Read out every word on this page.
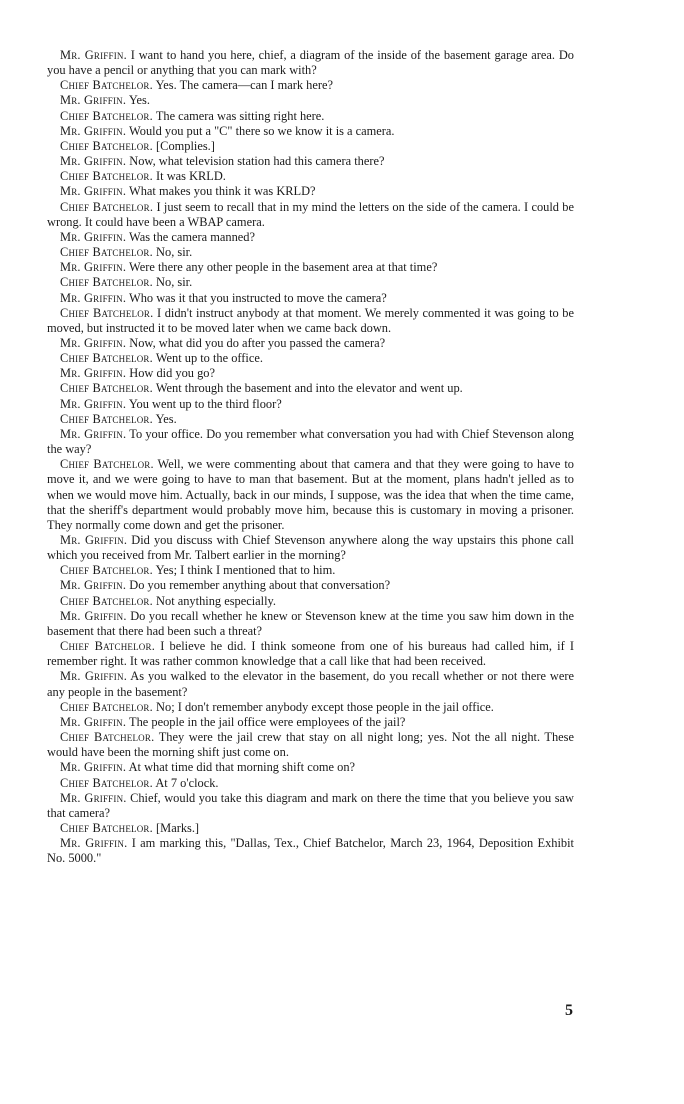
Mr. Griffin. I want to hand you here, chief, a diagram of the inside of the basement garage area. Do you have a pencil or anything that you can mark with?

Chief Batchelor. Yes. The camera—can I mark here?

Mr. Griffin. Yes.

Chief Batchelor. The camera was sitting right here.

Mr. Griffin. Would you put a "C" there so we know it is a camera.

Chief Batchelor. [Complies.]

Mr. Griffin. Now, what television station had this camera there?

Chief Batchelor. It was KRLD.

Mr. Griffin. What makes you think it was KRLD?

Chief Batchelor. I just seem to recall that in my mind the letters on the side of the camera. I could be wrong. It could have been a WBAP camera.

Mr. Griffin. Was the camera manned?

Chief Batchelor. No, sir.

Mr. Griffin. Were there any other people in the basement area at that time?

Chief Batchelor. No, sir.

Mr. Griffin. Who was it that you instructed to move the camera?

Chief Batchelor. I didn't instruct anybody at that moment. We merely commented it was going to be moved, but instructed it to be moved later when we came back down.

Mr. Griffin. Now, what did you do after you passed the camera?

Chief Batchelor. Went up to the office.

Mr. Griffin. How did you go?

Chief Batchelor. Went through the basement and into the elevator and went up.

Mr. Griffin. You went up to the third floor?

Chief Batchelor. Yes.

Mr. Griffin. To your office. Do you remember what conversation you had with Chief Stevenson along the way?

Chief Batchelor. Well, we were commenting about that camera and that they were going to have to move it, and we were going to have to man that basement. But at the moment, plans hadn't jelled as to when we would move him. Actually, back in our minds, I suppose, was the idea that when the time came, that the sheriff's department would probably move him, because this is customary in moving a prisoner. They normally come down and get the prisoner.

Mr. Griffin. Did you discuss with Chief Stevenson anywhere along the way upstairs this phone call which you received from Mr. Talbert earlier in the morning?

Chief Batchelor. Yes; I think I mentioned that to him.

Mr. Griffin. Do you remember anything about that conversation?

Chief Batchelor. Not anything especially.

Mr. Griffin. Do you recall whether he knew or Stevenson knew at the time you saw him down in the basement that there had been such a threat?

Chief Batchelor. I believe he did. I think someone from one of his bureaus had called him, if I remember right. It was rather common knowledge that a call like that had been received.

Mr. Griffin. As you walked to the elevator in the basement, do you recall whether or not there were any people in the basement?

Chief Batchelor. No; I don't remember anybody except those people in the jail office.

Mr. Griffin. The people in the jail office were employees of the jail?

Chief Batchelor. They were the jail crew that stay on all night long; yes. Not the all night. These would have been the morning shift just come on.

Mr. Griffin. At what time did that morning shift come on?

Chief Batchelor. At 7 o'clock.

Mr. Griffin. Chief, would you take this diagram and mark on there the time that you believe you saw that camera?

Chief Batchelor. [Marks.]

Mr. Griffin. I am marking this, "Dallas, Tex., Chief Batchelor, March 23, 1964, Deposition Exhibit No. 5000."

5
